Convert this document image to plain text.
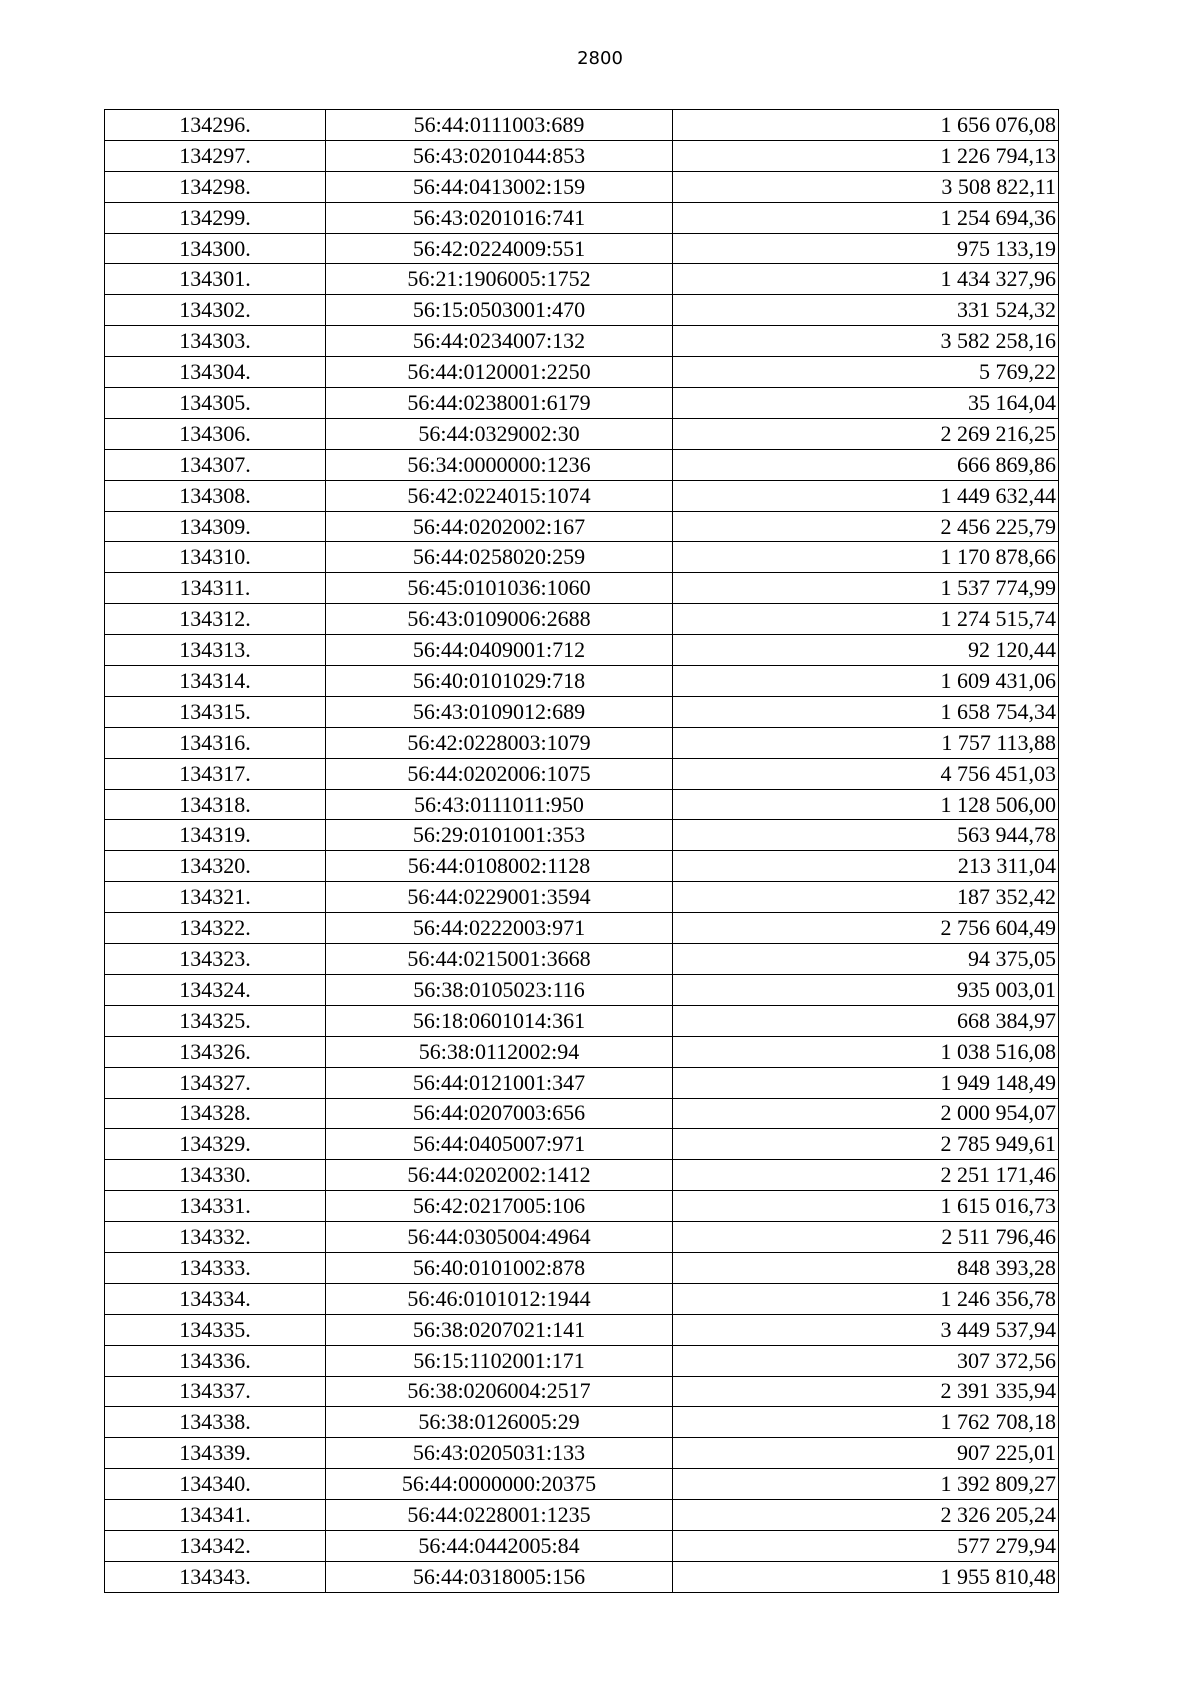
2800
134296.	56:44:0111003:689	1 656 076,08
134297.	56:43:0201044:853	1 226 794,13
134298.	56:44:0413002:159	3 508 822,11
134299.	56:43:0201016:741	1 254 694,36
134300.	56:42:0224009:551	975 133,19
134301.	56:21:1906005:1752	1 434 327,96
134302.	56:15:0503001:470	331 524,32
134303.	56:44:0234007:132	3 582 258,16
134304.	56:44:0120001:2250	5 769,22
134305.	56:44:0238001:6179	35 164,04
134306.	56:44:0329002:30	2 269 216,25
134307.	56:34:0000000:1236	666 869,86
134308.	56:42:0224015:1074	1 449 632,44
134309.	56:44:0202002:167	2 456 225,79
134310.	56:44:0258020:259	1 170 878,66
134311.	56:45:0101036:1060	1 537 774,99
134312.	56:43:0109006:2688	1 274 515,74
134313.	56:44:0409001:712	92 120,44
134314.	56:40:0101029:718	1 609 431,06
134315.	56:43:0109012:689	1 658 754,34
134316.	56:42:0228003:1079	1 757 113,88
134317.	56:44:0202006:1075	4 756 451,03
134318.	56:43:0111011:950	1 128 506,00
134319.	56:29:0101001:353	563 944,78
134320.	56:44:0108002:1128	213 311,04
134321.	56:44:0229001:3594	187 352,42
134322.	56:44:0222003:971	2 756 604,49
134323.	56:44:0215001:3668	94 375,05
134324.	56:38:0105023:116	935 003,01
134325.	56:18:0601014:361	668 384,97
134326.	56:38:0112002:94	1 038 516,08
134327.	56:44:0121001:347	1 949 148,49
134328.	56:44:0207003:656	2 000 954,07
134329.	56:44:0405007:971	2 785 949,61
134330.	56:44:0202002:1412	2 251 171,46
134331.	56:42:0217005:106	1 615 016,73
134332.	56:44:0305004:4964	2 511 796,46
134333.	56:40:0101002:878	848 393,28
134334.	56:46:0101012:1944	1 246 356,78
134335.	56:38:0207021:141	3 449 537,94
134336.	56:15:1102001:171	307 372,56
134337.	56:38:0206004:2517	2 391 335,94
134338.	56:38:0126005:29	1 762 708,18
134339.	56:43:0205031:133	907 225,01
134340.	56:44:0000000:20375	1 392 809,27
134341.	56:44:0228001:1235	2 326 205,24
134342.	56:44:0442005:84	577 279,94
134343.	56:44:0318005:156	1 955 810,48
